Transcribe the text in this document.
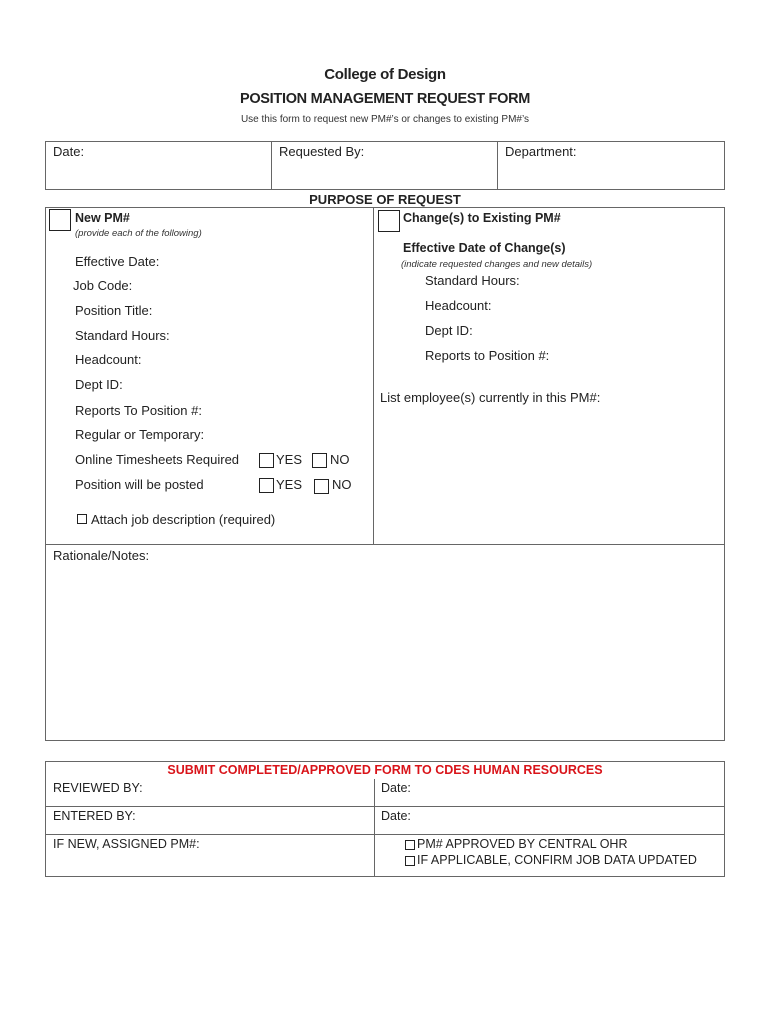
College of Design
POSITION MANAGEMENT REQUEST FORM
Use this form to request new PM#’s or changes to existing PM#’s
Date:	Requested By:	Department:
PURPOSE OF REQUEST
New PM#
(provide each of the following)
Effective Date:
Job Code:
Position Title:
Standard Hours:
Headcount:
Dept ID:
Reports To Position #:
Regular or Temporary:
Online Timesheets Required	YES NO
Position will be posted	YES NO
Attach job description (required)
Change(s) to Existing PM#
Effective Date of Change(s)
(indicate requested changes and new details)
Standard Hours:
Headcount:
Dept ID:
Reports to Position #:
List employee(s) currently in this PM#:
Rationale/Notes:
SUBMIT COMPLETED/APPROVED FORM TO CDES HUMAN RESOURCES
REVIEWED BY:	Date:
ENTERED BY:	Date:
IF NEW, ASSIGNED PM#:	PM# APPROVED BY CENTRAL OHR
IF APPLICABLE, CONFIRM JOB DATA UPDATED
